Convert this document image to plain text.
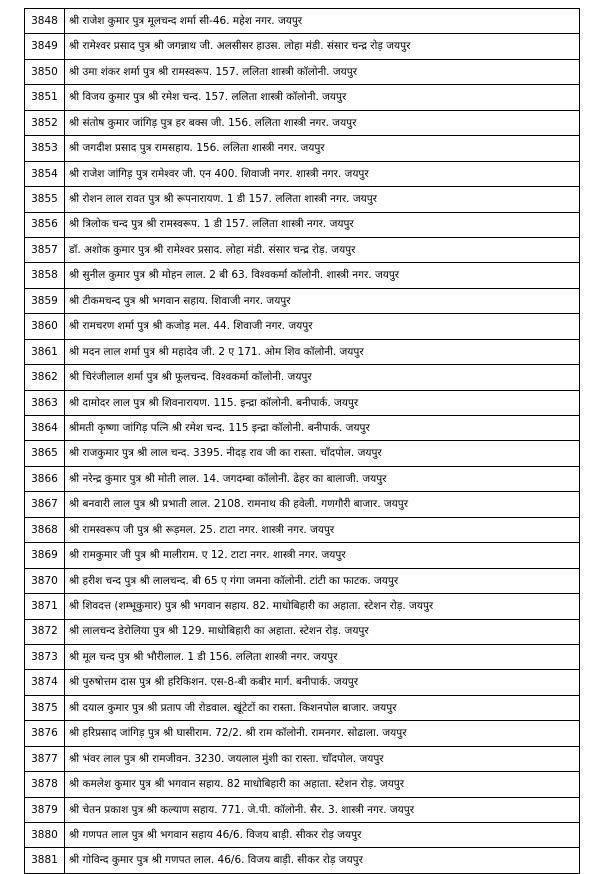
3848	श्री राजेश कुमार पुत्र मूलचन्द शर्मा सी-46. महेश नगर. जयपुर
3849	श्री रामेश्वर प्रसाद पुत्र श्री जगन्नाथ जी. अलसीसर हाउस. लोहा मंडी. संसार चन्द्र रोड़ जयपुर
3850	श्री उमा शंकर शर्मा पुत्र श्री रामस्वरूप. 157. ललिता शास्त्री कॉलोनी. जयपुर
3851	श्री विजय कुमार पुत्र श्री रमेश चन्द. 157. ललिता शास्त्री कॉलोनी. जयपुर
3852	श्री संतोष कुमार जांगिड़ पुत्र हर बक्स जी. 156. ललिता शास्त्री नगर. जयपुर
3853	श्री जगदीश प्रसाद पुत्र रामसहाय. 156. ललिता शास्त्री नगर. जयपुर
3854	श्री राजेश जांगिड़ पुत्र रामेश्वर जी. एन 400. शिवाजी नगर. शास्त्री नगर. जयपुर
3855	श्री रोशन लाल रावत पुत्र श्री रूपनारायण. 1 डी 157. ललिता शास्त्री नगर. जयपुर
3856	श्री त्रिलोक चन्द पुत्र श्री रामस्वरूप. 1 डी 157. ललिता शास्त्री नगर. जयपुर
3857	डॉ. अशोक कुमार पुत्र श्री रामेश्वर प्रसाद. लोहा मंडी. संसार चन्द्र रोड़. जयपुर
3858	श्री सुनील कुमार पुत्र श्री मोहन लाल. 2 बी 63. विश्वकर्मा कॉलोनी. शास्त्री नगर. जयपुर
3859	श्री टीकमचन्द पुत्र श्री भगवान सहाय. शिवाजी नगर. जयपुर
3860	श्री रामचरण शर्मा पुत्र श्री कजोड़ मल. 44. शिवाजी नगर. जयपुर
3861	श्री मदन लाल शर्मा पुत्र श्री महादेव जी. 2 ए 171. ओम शिव कॉलोनी. जयपुर
3862	श्री चिरंजीलाल शर्मा पुत्र श्री फूलचन्द. विश्वकर्मा कॉलोनी. जयपुर
3863	श्री दामोदर लाल पुत्र श्री शिवनारायण. 115. इन्द्रा कॉलोनी. बनीपार्क. जयपुर
3864	श्रीमती कृष्णा जांगिड़ पत्नि श्री रमेश चन्द. 115 इन्द्रा कॉलोनी. बनीपार्क. जयपुर
3865	श्री राजकुमार पुत्र श्री लाल चन्द. 3395. नीदड़ राव जी का रास्ता. चाँदपोल. जयपुर
3866	श्री नरेन्द्र कुमार पुत्र श्री मोती लाल. 14. जगदम्बा कॉलोनी. ढेहर का बालाजी. जयपुर
3867	श्री बनवारी लाल पुत्र श्री प्रभाती लाल. 2108. रामनाथ की हवेली. गणगौरी बाजार. जयपुर
3868	श्री रामस्वरूप जी पुत्र श्री रूड़मल. 25. टाटा नगर. शास्त्री नगर. जयपुर
3869	श्री रामकुमार जी पुत्र श्री मालीराम. ए 12. टाटा नगर. शास्त्री नगर. जयपुर
3870	श्री हरीश चन्द पुत्र श्री लालचन्द. बी 65 ए गंगा जमना कॉलोनी. टांटी का फाटक. जयपुर
3871	श्री शिवदत्त (शम्भूकुमार) पुत्र श्री भगवान सहाय. 82. माधोबिहारी का अहाता. स्टेशन रोड़. जयपुर
3872	श्री लालचन्द डेरोलिया पुत्र श्री 129. माधोबिहारी का अहाता. स्टेशन रोड़. जयपुर
3873	श्री मूल चन्द पुत्र श्री भौरीलाल. 1 डी 156. ललिता शास्त्री नगर. जयपुर
3874	श्री पुरुषोत्तम दास पुत्र श्री हरिकिशन. एस-8-बी कबीर मार्ग. बनीपार्क. जयपुर
3875	श्री दयाल कुमार पुत्र श्री प्रताप जी रोडवाल. खूंटेटों का रास्ता. किशनपोल बाजार. जयपुर
3876	श्री हरिप्रसाद जांगिड़ पुत्र श्री घासीराम. 72/2. श्री राम कॉलोनी. रामनगर. सोढाला. जयपुर
3877	श्री भंवर लाल पुत्र श्री रामजीवन. 3230. जयलाल मुंशी का रास्ता. चाँदपोल. जयपुर
3878	श्री कमलेश कुमार पुत्र श्री भगवान सहाय. 82 माधोबिहारी का अहाता. स्टेशन रोड़. जयपुर
3879	श्री चेतन प्रकाश पुत्र श्री कल्याण सहाय. 771. जे.पी. कॉलोनी. सैर. 3. शास्त्री नगर. जयपुर
3880	श्री गणपत लाल पुत्र श्री भगवान सहाय 46/6. विजय बाड़ी. सीकर रोड़ जयपुर
3881	श्री गोविन्द कुमार पुत्र श्री गणपत लाल. 46/6. विजय बाड़ी. सीकर रोड़ जयपुर
